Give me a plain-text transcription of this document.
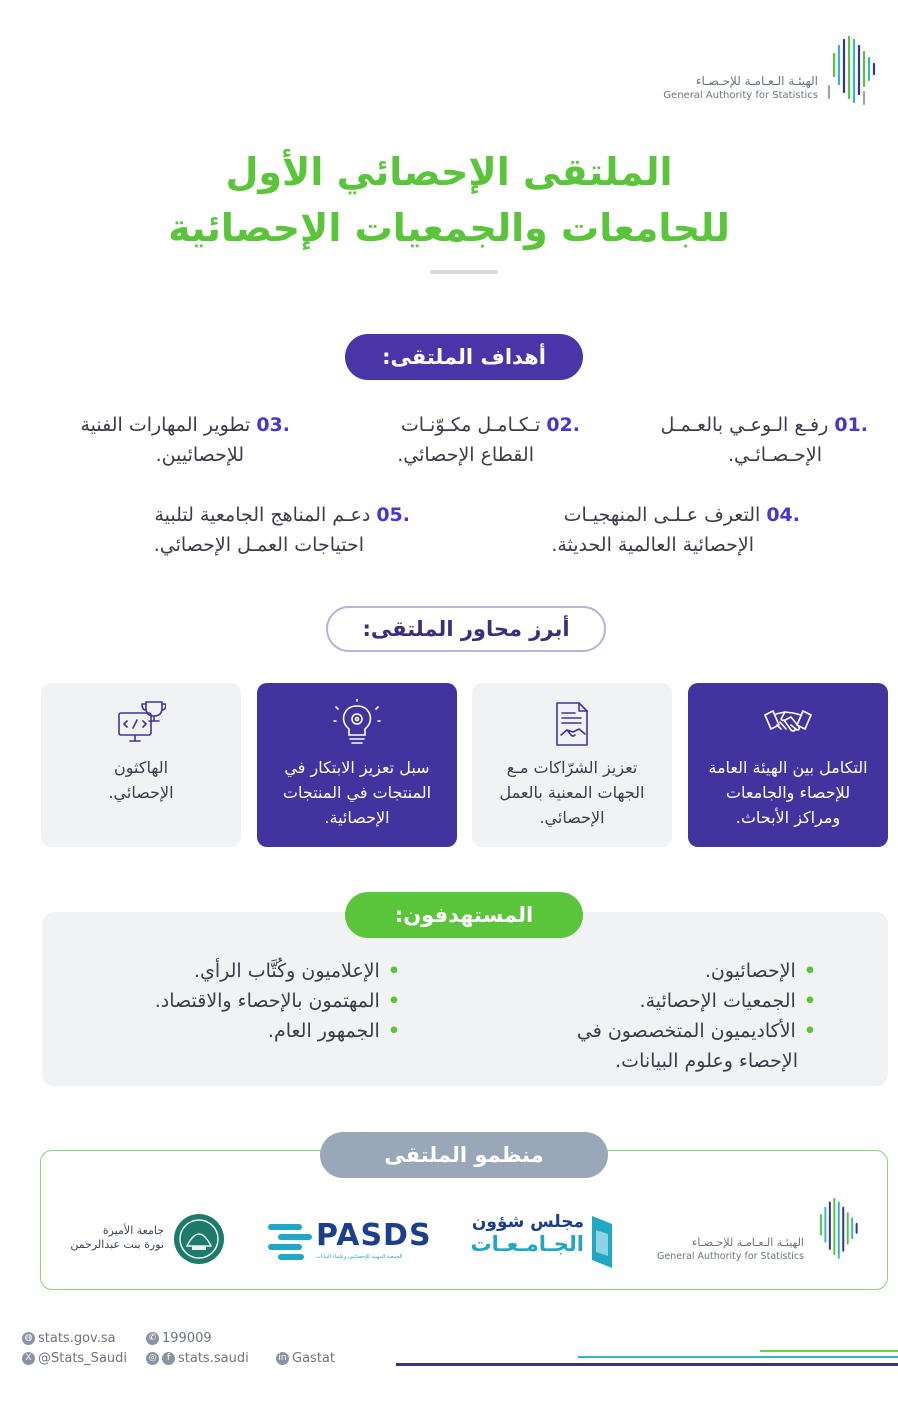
الهيئـة الـعـامـة للإحـصـاء
General Authority for Statistics
الملتقى الإحصائي الأول
للجامعات والجمعيات الإحصائية
أهداف الملتقى:
.01 رفـع الـوعـي بالعـمـل
الإحـصـائـي.
.02 تـكـامـل مكـوّنـات
القطاع الإحصائي.
.03 تطوير المهارات الفنية
للإحصائيين.
.04 التعرف عـلـى المنهجيـات
الإحصائية العالمية الحديثة.
.05 دعـم المناهج الجامعية لتلبية
احتياجات العمـل الإحصائي.
أبرز محاور الملتقى:
التكامل بين الهيئة العامة
للإحصاء والجامعات
ومراكز الأبحاث.
تعزيز الشرّاكات مـع
الجهات المعنية بالعمل
الإحصائي.
سبل تعزيز الابتكار في
المنتجات في المنتجات
الإحصائية.
الهاكثون
الإحصائي.
المستهدفون:
•الإحصائيون.
•الجمعيات الإحصائية.
•الأكاديميون المتخصصون في
الإحصاء وعلوم البيانات.
•الإعلاميون وكُتَّاب الرأي.
•المهتمون بالإحصاء والاقتصاد.
•الجمهور العام.
منظمو الملتقى
الهيئـة الـعـامـة للإحـصـاء
General Authority for Statistics
مجلس شؤون
الجـامـعـات
PASDS
الجمعية المهنية للإحصائيين وعلماء البيانات
جامعة الأميرة
نورة بنت عبدالرحمن
◍ stats.gov.sa
X @Stats_Saudi
✆ 199009
◎ f stats.saudi	in Gastat
